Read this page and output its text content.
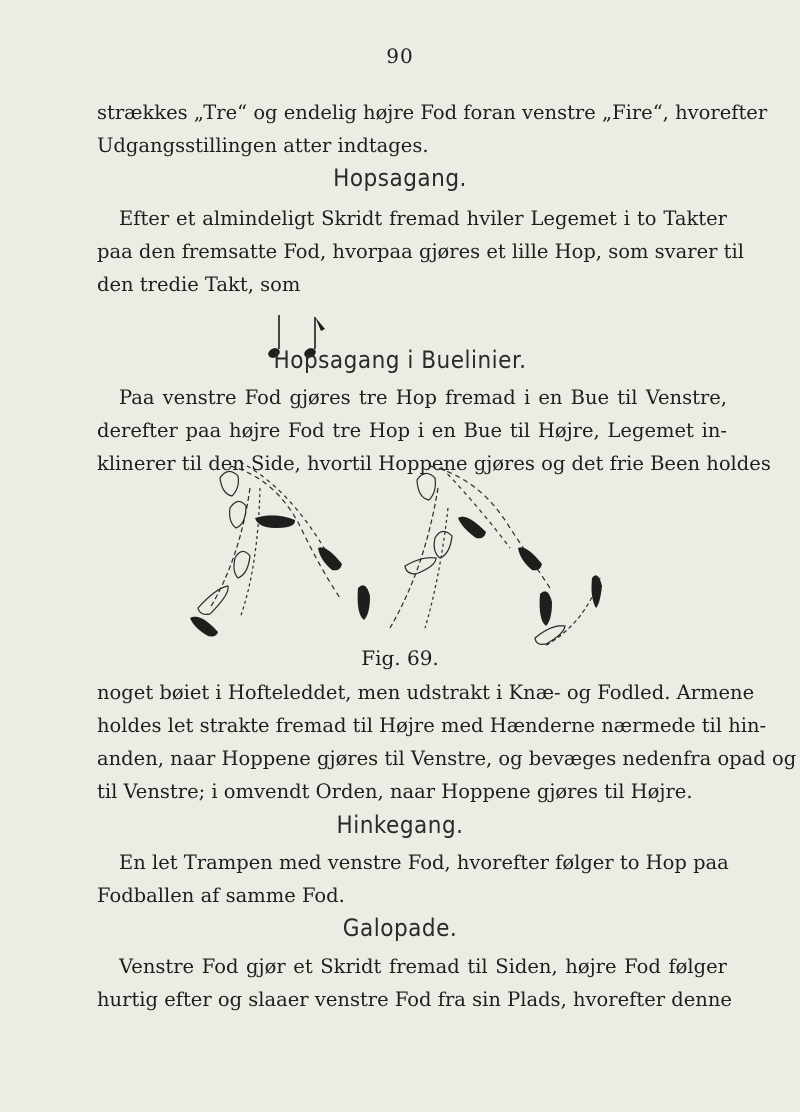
90
strækkes „Tre“ og endelig højre Fod foran venstre „Fire“, hvorefter
Udgangsstillingen atter indtages.
Hopsagang.
Efter et almindeligt Skridt fremad hviler Legemet i to Takter
paa den fremsatte Fod, hvorpaa gjøres et lille Hop, som svarer til
den tredie Takt, som
Hopsagang i Buelinier.
Paa venstre Fod gjøres tre Hop fremad i en Bue til Venstre,
derefter paa højre Fod tre Hop i en Bue til Højre, Legemet in-
klinerer til den Side, hvortil Hoppene gjøres og det frie Been holdes
Fig. 69.
noget bøiet i Hofteleddet, men udstrakt i Knæ- og Fodled. Armene
holdes let strakte fremad til Højre med Hænderne nærmede til hin-
anden, naar Hoppene gjøres til Venstre, og bevæges nedenfra opad og
til Venstre; i omvendt Orden, naar Hoppene gjøres til Højre.
Hinkegang.
En let Trampen med venstre Fod, hvorefter følger to Hop paa
Fodballen af samme Fod.
Galopade.
Venstre Fod gjør et Skridt fremad til Siden, højre Fod følger
hurtig efter og slaaer venstre Fod fra sin Plads, hvorefter denne
